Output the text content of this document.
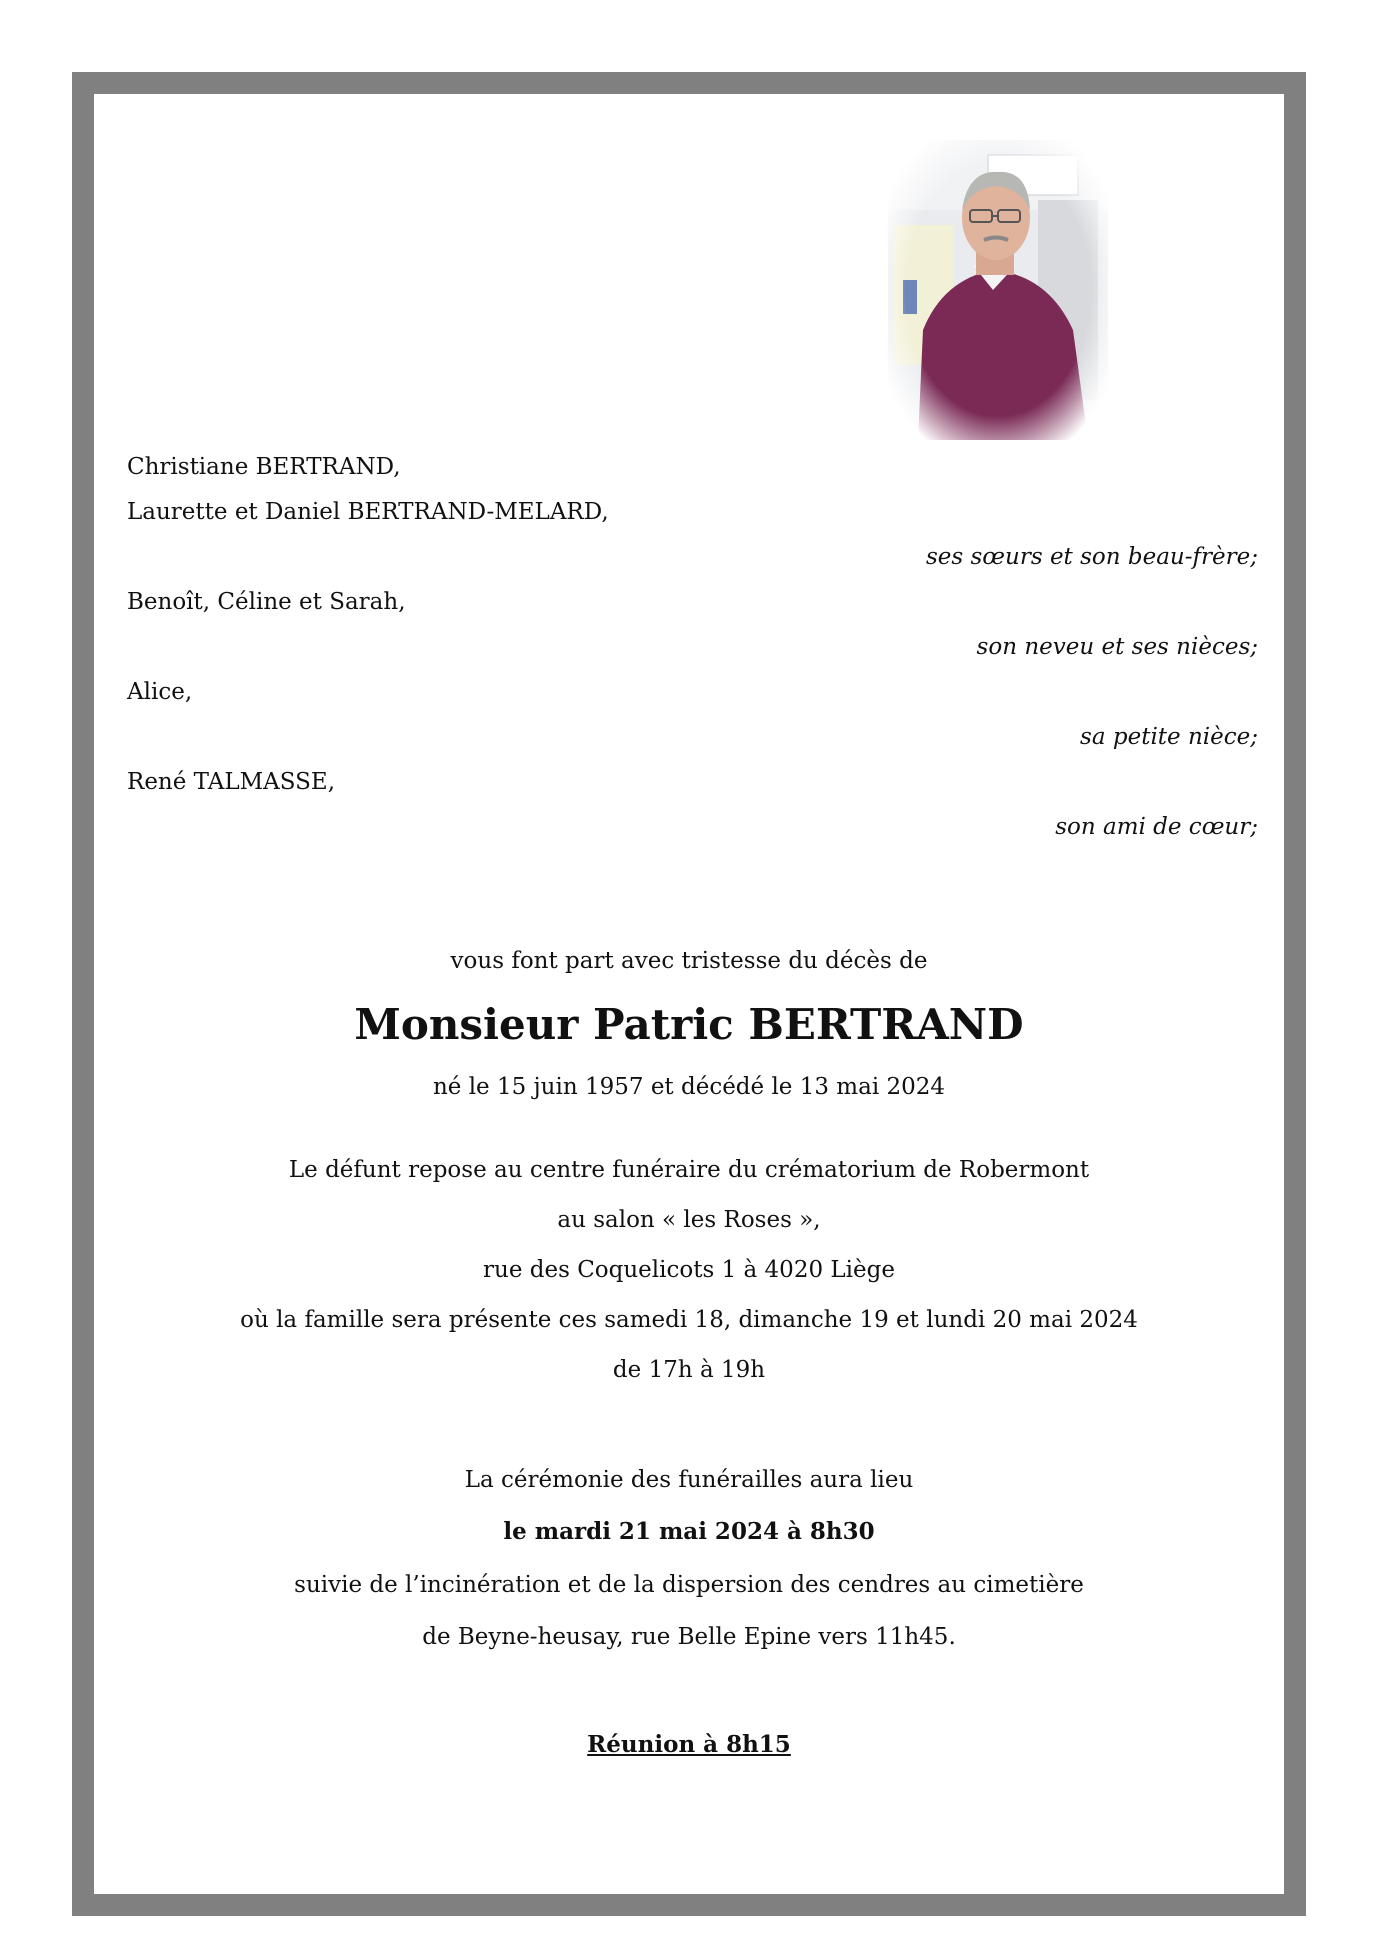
Christiane BERTRAND,
Laurette et Daniel BERTRAND-MELARD,
ses sœurs et son beau-frère;
Benoît, Céline et Sarah,
son neveu et ses nièces;
Alice,
sa petite nièce;
René TALMASSE,
son ami de cœur;
vous font part avec tristesse du décès de
Monsieur Patric BERTRAND
né le 15 juin 1957 et décédé le 13 mai 2024
Le défunt repose au centre funéraire du crématorium de Robermont
au salon « les Roses »,
rue des Coquelicots 1 à 4020 Liège
où la famille sera présente ces samedi 18, dimanche 19 et lundi 20 mai 2024
de 17h à 19h
La cérémonie des funérailles aura lieu
le mardi 21 mai 2024 à 8h30
suivie de l’incinération et de la dispersion des cendres au cimetière
de Beyne-heusay, rue Belle Epine vers 11h45.
Réunion à 8h15
